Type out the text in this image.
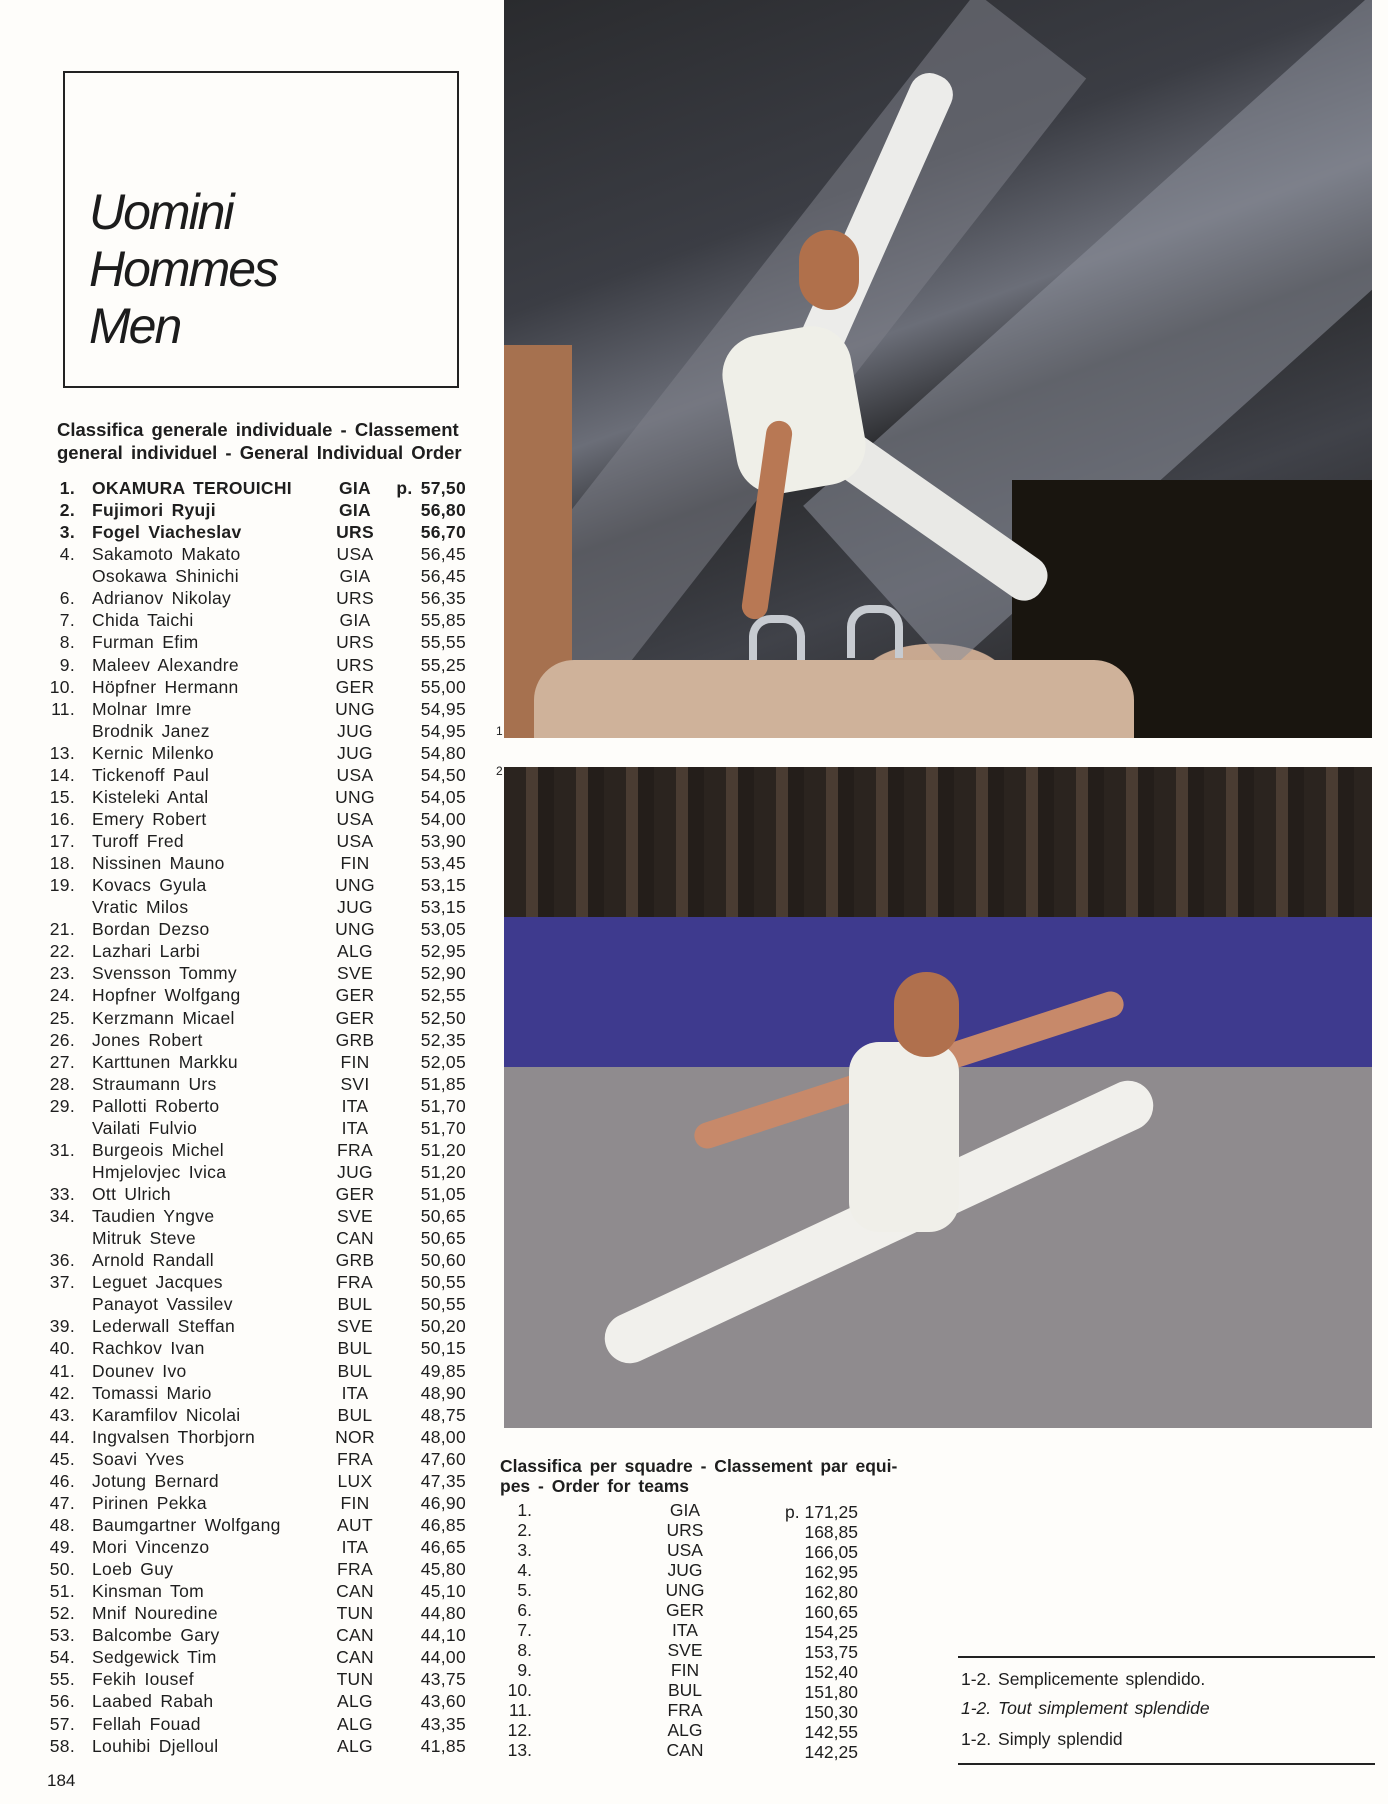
Uomini
Hommes
Men
Classifica generale individuale - Classement general individuel - General Individual Order
1. OKAMURA TEROUICHI	GIA	p. 57,50
2. Fujimori Ryuji	GIA	56,80
3. Fogel Viacheslav	URS	56,70
4. Sakamoto Makato	USA	56,45
Osokawa Shinichi	GIA	56,45
6. Adrianov Nikolay	URS	56,35
7. Chida Taichi	GIA	55,85
8. Furman Efim	URS	55,55
9. Maleev Alexandre	URS	55,25
10. Höpfner Hermann	GER	55,00
11. Molnar Imre	UNG	54,95
Brodnik Janez	JUG	54,95
13. Kernic Milenko	JUG	54,80
14. Tickenoff Paul	USA	54,50
15. Kisteleki Antal	UNG	54,05
16. Emery Robert	USA	54,00
17. Turoff Fred	USA	53,90
18. Nissinen Mauno	FIN	53,45
19. Kovacs Gyula	UNG	53,15
Vratic Milos	JUG	53,15
21. Bordan Dezso	UNG	53,05
22. Lazhari Larbi	ALG	52,95
23. Svensson Tommy	SVE	52,90
24. Hopfner Wolfgang	GER	52,55
25. Kerzmann Micael	GER	52,50
26. Jones Robert	GRB	52,35
27. Karttunen Markku	FIN	52,05
28. Straumann Urs	SVI	51,85
29. Pallotti Roberto	ITA	51,70
Vailati Fulvio	ITA	51,70
31. Burgeois Michel	FRA	51,20
Hmjelovjec Ivica	JUG	51,20
33. Ott Ulrich	GER	51,05
34. Taudien Yngve	SVE	50,65
Mitruk Steve	CAN	50,65
36. Arnold Randall	GRB	50,60
37. Leguet Jacques	FRA	50,55
Panayot Vassilev	BUL	50,55
39. Lederwall Steffan	SVE	50,20
40. Rachkov Ivan	BUL	50,15
41. Dounev Ivo	BUL	49,85
42. Tomassi Mario	ITA	48,90
43. Karamfilov Nicolai	BUL	48,75
44. Ingvalsen Thorbjorn	NOR	48,00
45. Soavi Yves	FRA	47,60
46. Jotung Bernard	LUX	47,35
47. Pirinen Pekka	FIN	46,90
48. Baumgartner Wolfgang	AUT	46,85
49. Mori Vincenzo	ITA	46,65
50. Loeb Guy	FRA	45,80
51. Kinsman Tom	CAN	45,10
52. Mnif Nouredine	TUN	44,80
53. Balcombe Gary	CAN	44,10
54. Sedgewick Tim	CAN	44,00
55. Fekih Iousef	TUN	43,75
56. Laabed Rabah	ALG	43,60
57. Fellah Fouad	ALG	43,35
58. Louhibi Djelloul	ALG	41,85
184
1
2
Classifica per squadre - Classement par equi-
pes - Order for teams
1.	GIA	p. 171,25
2.	URS	168,85
3.	USA	166,05
4.	JUG	162,95
5.	UNG	162,80
6.	GER	160,65
7.	ITA	154,25
8.	SVE	153,75
9.	FIN	152,40
10.	BUL	151,80
11.	FRA	150,30
12.	ALG	142,55
13.	CAN	142,25
1-2. Semplicemente splendido.
1-2. Tout simplement splendide
1-2. Simply splendid
